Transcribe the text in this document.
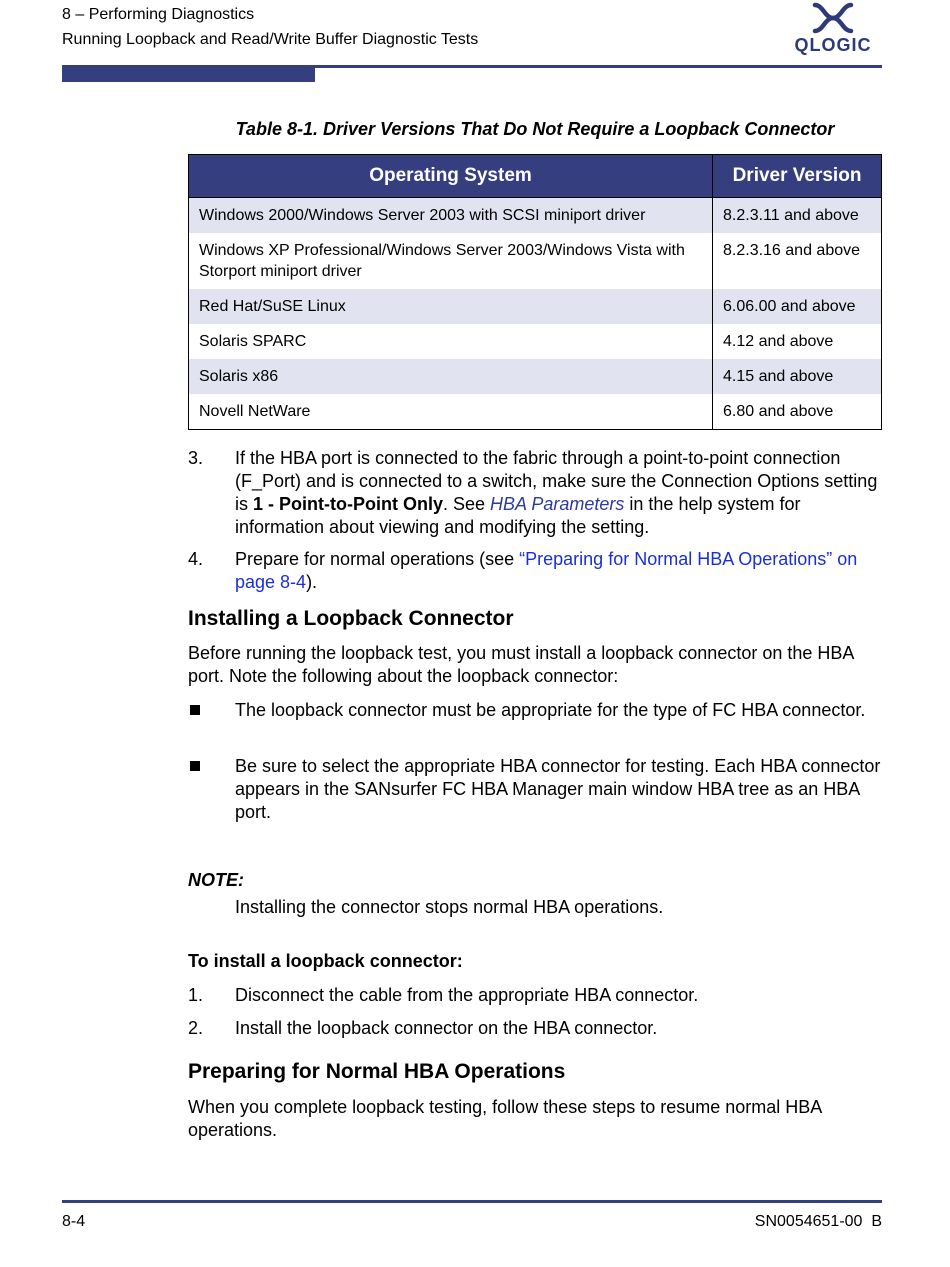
8 – Performing Diagnostics
Running Loopback and Read/Write Buffer Diagnostic Tests	QLOGIC
Table 8-1. Driver Versions That Do Not Require a Loopback Connector
Operating System	Driver Version
Windows 2000/Windows Server 2003 with SCSI miniport driver	8.2.3.11 and above
Windows XP Professional/Windows Server 2003/Windows Vista with Storport miniport driver	8.2.3.16 and above
Red Hat/SuSE Linux	6.06.00 and above
Solaris SPARC	4.12 and above
Solaris x86	4.15 and above
Novell NetWare	6.80 and above
3. If the HBA port is connected to the fabric through a point-to-point connection (F_Port) and is connected to a switch, make sure the Connection Options setting is 1 - Point-to-Point Only. See HBA Parameters in the help system for information about viewing and modifying the setting.
4. Prepare for normal operations (see “Preparing for Normal HBA Operations” on page 8-4).
Installing a Loopback Connector
Before running the loopback test, you must install a loopback connector on the HBA port. Note the following about the loopback connector:
The loopback connector must be appropriate for the type of FC HBA connector.
Be sure to select the appropriate HBA connector for testing. Each HBA connector appears in the SANsurfer FC HBA Manager main window HBA tree as an HBA port.
NOTE:
Installing the connector stops normal HBA operations.
To install a loopback connector:
1. Disconnect the cable from the appropriate HBA connector.
2. Install the loopback connector on the HBA connector.
Preparing for Normal HBA Operations
When you complete loopback testing, follow these steps to resume normal HBA operations.
8-4	SN0054651-00  B
